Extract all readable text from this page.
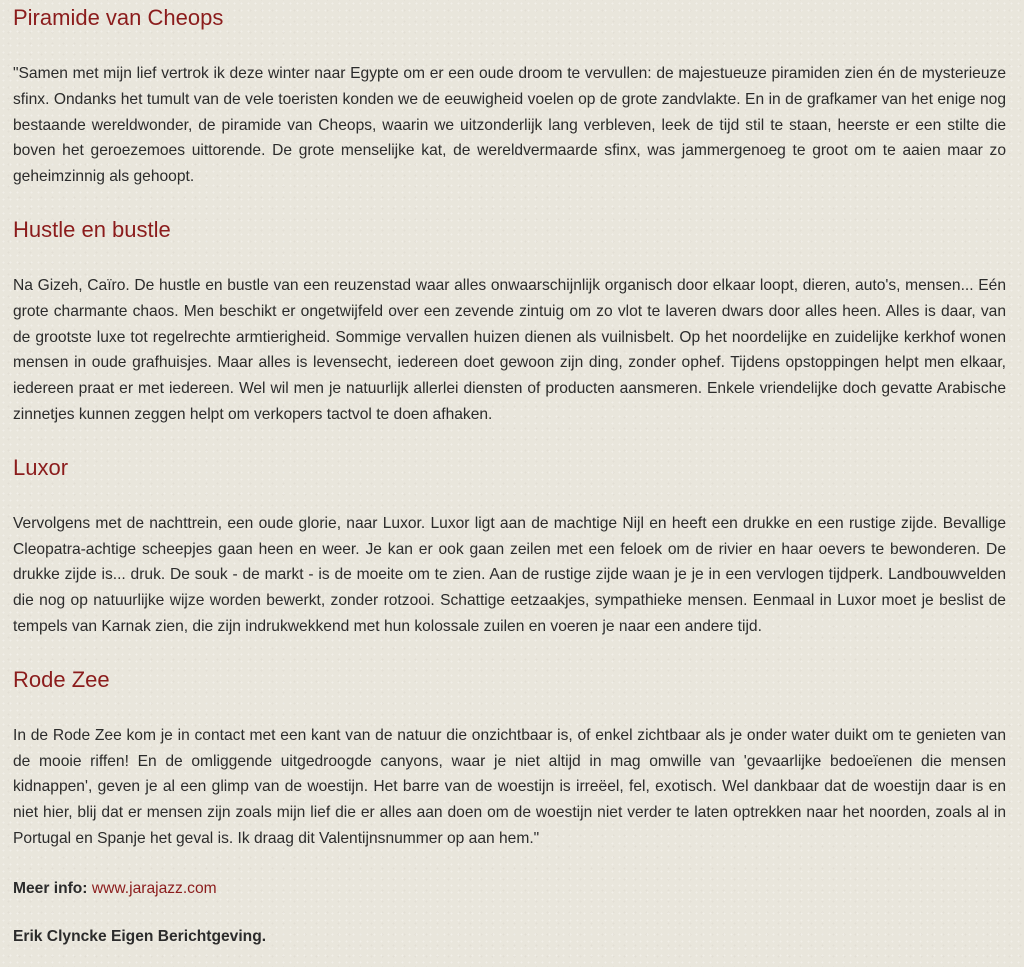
Piramide van Cheops

"Samen met mijn lief vertrok ik deze winter naar Egypte om er een oude droom te vervullen: de majestueuze piramiden zien én de mysterieuze sfinx. Ondanks het tumult van de vele toeristen konden we de eeuwigheid voelen op de grote zandvlakte. En in de grafkamer van het enige nog bestaande wereldwonder, de piramide van Cheops, waarin we uitzonderlijk lang verbleven, leek de tijd stil te staan, heerste er een stilte die boven het geroezemoes uittorende. De grote menselijke kat, de wereldvermaarde sfinx, was jammergenoeg te groot om te aaien maar zo geheimzinnig als gehoopt.

Hustle en bustle

Na Gizeh, Caïro. De hustle en bustle van een reuzenstad waar alles onwaarschijnlijk organisch door elkaar loopt, dieren, auto's, mensen... Eén grote charmante chaos. Men beschikt er ongetwijfeld over een zevende zintuig om zo vlot te laveren dwars door alles heen. Alles is daar, van de grootste luxe tot regelrechte armtierigheid. Sommige vervallen huizen dienen als vuilnisbelt. Op het noordelijke en zuidelijke kerkhof wonen mensen in oude grafhuisjes. Maar alles is levensecht, iedereen doet gewoon zijn ding, zonder ophef. Tijdens opstoppingen helpt men elkaar, iedereen praat er met iedereen. Wel wil men je natuurlijk allerlei diensten of producten aansmeren. Enkele vriendelijke doch gevatte Arabische zinnetjes kunnen zeggen helpt om verkopers tactvol te doen afhaken.

Luxor

Vervolgens met de nachttrein, een oude glorie, naar Luxor. Luxor ligt aan de machtige Nijl en heeft een drukke en een rustige zijde. Bevallige Cleopatra-achtige scheepjes gaan heen en weer. Je kan er ook gaan zeilen met een feloek om de rivier en haar oevers te bewonderen. De drukke zijde is... druk. De souk - de markt - is de moeite om te zien. Aan de rustige zijde waan je je in een vervlogen tijdperk. Landbouwvelden die nog op natuurlijke wijze worden bewerkt, zonder rotzooi. Schattige eetzaakjes, sympathieke mensen. Eenmaal in Luxor moet je beslist de tempels van Karnak zien, die zijn indrukwekkend met hun kolossale zuilen en voeren je naar een andere tijd.

Rode Zee

In de Rode Zee kom je in contact met een kant van de natuur die onzichtbaar is, of enkel zichtbaar als je onder water duikt om te genieten van de mooie riffen! En de omliggende uitgedroogde canyons, waar je niet altijd in mag omwille van 'gevaarlijke bedoeïenen die mensen kidnappen', geven je al een glimp van de woestijn. Het barre van de woestijn is irreëel, fel, exotisch. Wel dankbaar dat de woestijn daar is en niet hier, blij dat er mensen zijn zoals mijn lief die er alles aan doen om de woestijn niet verder te laten optrekken naar het noorden, zoals al in Portugal en Spanje het geval is. Ik draag dit Valentijnsnummer op aan hem."

Meer info: www.jarajazz.com
Erik Clyncke Eigen Berichtgeving.
